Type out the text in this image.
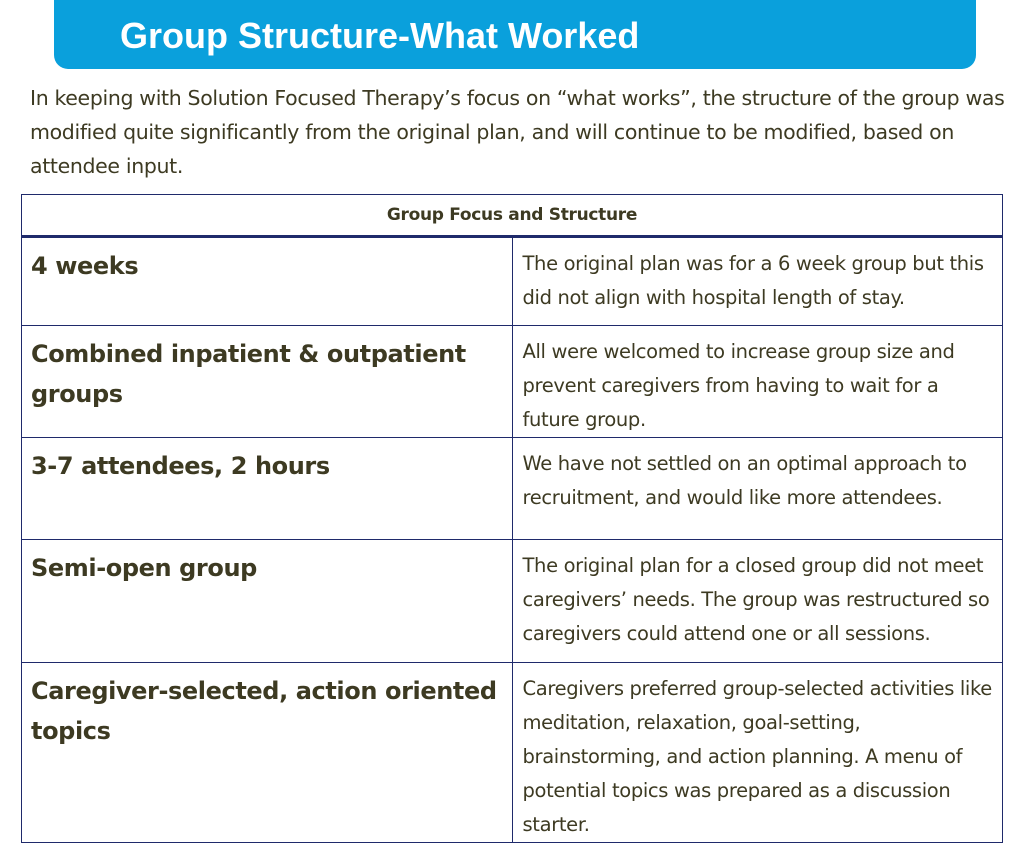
Group Structure-What Worked
In keeping with Solution Focused Therapy’s focus on “what works”, the structure of the group was modified quite significantly from the original plan, and will continue to be modified, based on attendee input.
Group Focus and Structure	
4 weeks	The original plan was for a 6 week group but this did not align with hospital length of stay.
Combined inpatient & outpatient groups	All were welcomed to increase group size and prevent caregivers from having to wait for a future group.
3-7 attendees, 2 hours	We have not settled on an optimal approach to recruitment, and would like more attendees.
Semi-open group	The original plan for a closed group did not meet caregivers’ needs. The group was restructured so caregivers could attend one or all sessions.
Caregiver-selected, action oriented topics	Caregivers preferred group-selected activities like meditation, relaxation, goal-setting, brainstorming, and action planning. A menu of potential topics was prepared as a discussion starter.
